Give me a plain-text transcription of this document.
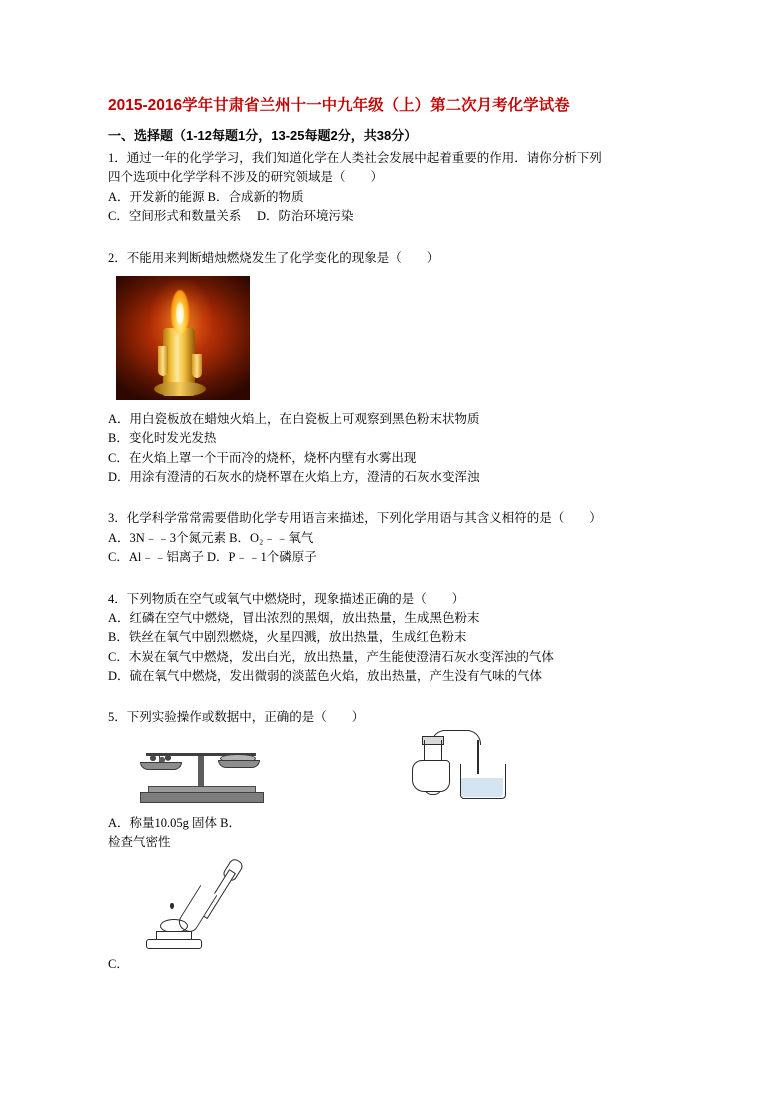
2015-2016学年甘肃省兰州十一中九年级（上）第二次月考化学试卷
一、选择题（1-12每题1分，13-25每题2分，共38分）

1．通过一年的化学学习，我们知道化学在人类社会发展中起着重要的作用．请你分析下列

四个选项中化学学科不涉及的研究领域是（　　）

A．开发新的能源 B．合成新的物质

C．空间形式和数量关系　 D．防治环境污染

2．不能用来判断蜡烛燃烧发生了化学变化的现象是（　　）

A．用白瓷板放在蜡烛火焰上，在白瓷板上可观察到黑色粉末状物质

B．变化时发光发热

C．在火焰上罩一个干而冷的烧杯，烧杯内壁有水雾出现

D．用涂有澄清的石灰水的烧杯罩在火焰上方，澄清的石灰水变浑浊

3．化学科学常常需要借助化学专用语言来描述，下列化学用语与其含义相符的是（　　）

A．3N﹣﹣3个氮元素 B．O₂﹣﹣氧气

C．Al﹣﹣铝离子 D．P﹣﹣1个磷原子

4．下列物质在空气或氧气中燃烧时，现象描述正确的是（　　）

A．红磷在空气中燃烧，冒出浓烈的黑烟，放出热量，生成黑色粉末

B．铁丝在氧气中剧烈燃烧，火星四溅，放出热量，生成红色粉末

C．木炭在氧气中燃烧，发出白光，放出热量，产生能使澄清石灰水变浑浊的气体

D．硫在氧气中燃烧，发出微弱的淡蓝色火焰，放出热量，产生没有气味的气体

5．下列实验操作或数据中，正确的是（　　）

A．称量10.05g 固体 B．

检查气密性

C．
